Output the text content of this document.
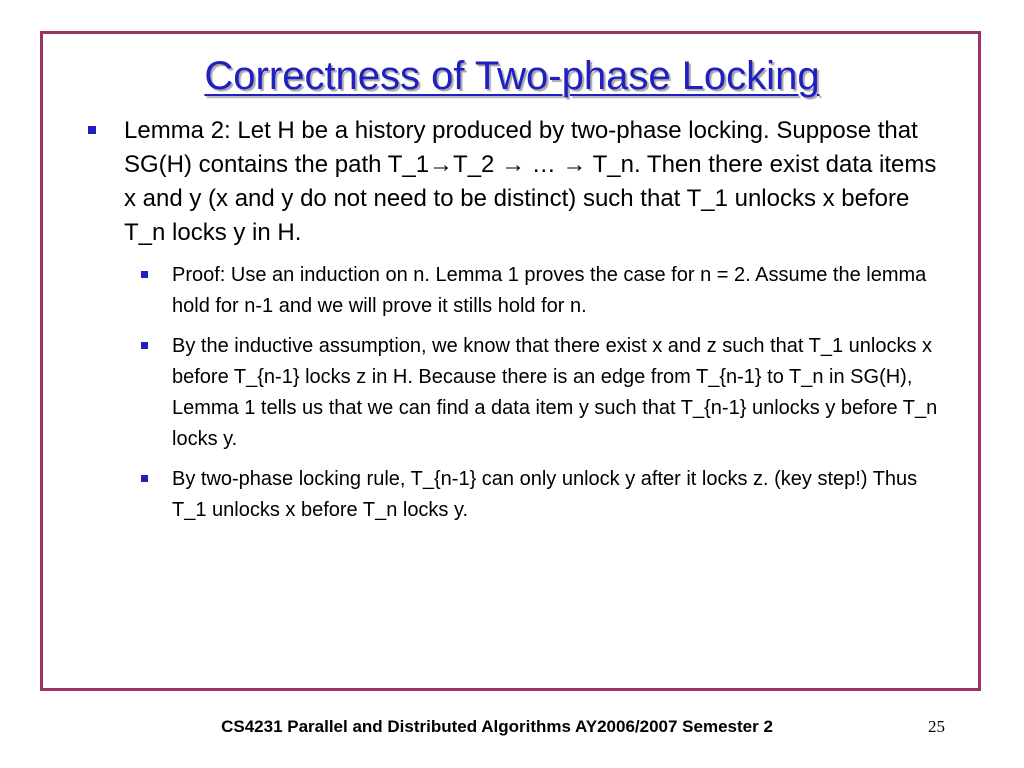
Correctness of Two-phase Locking
Lemma 2: Let H be a history produced by two-phase locking. Suppose that SG(H) contains the path T_1→T_2 → … → T_n. Then there exist data items x and y (x and y do not need to be distinct) such that T_1 unlocks x before T_n locks y in H.
Proof: Use an induction on n. Lemma 1 proves the case for n = 2. Assume the lemma hold for n-1 and we will prove it stills hold for n.
By the inductive assumption, we know that there exist x and z such that T_1 unlocks x before T_{n-1} locks z in H. Because there is an edge from T_{n-1} to T_n in SG(H), Lemma 1 tells us that we can find a data item y such that T_{n-1} unlocks y before T_n locks y.
By two-phase locking rule, T_{n-1} can only unlock y after it locks z. (key step!) Thus T_1 unlocks x before T_n locks y.
CS4231 Parallel and Distributed Algorithms AY2006/2007 Semester 2	25
